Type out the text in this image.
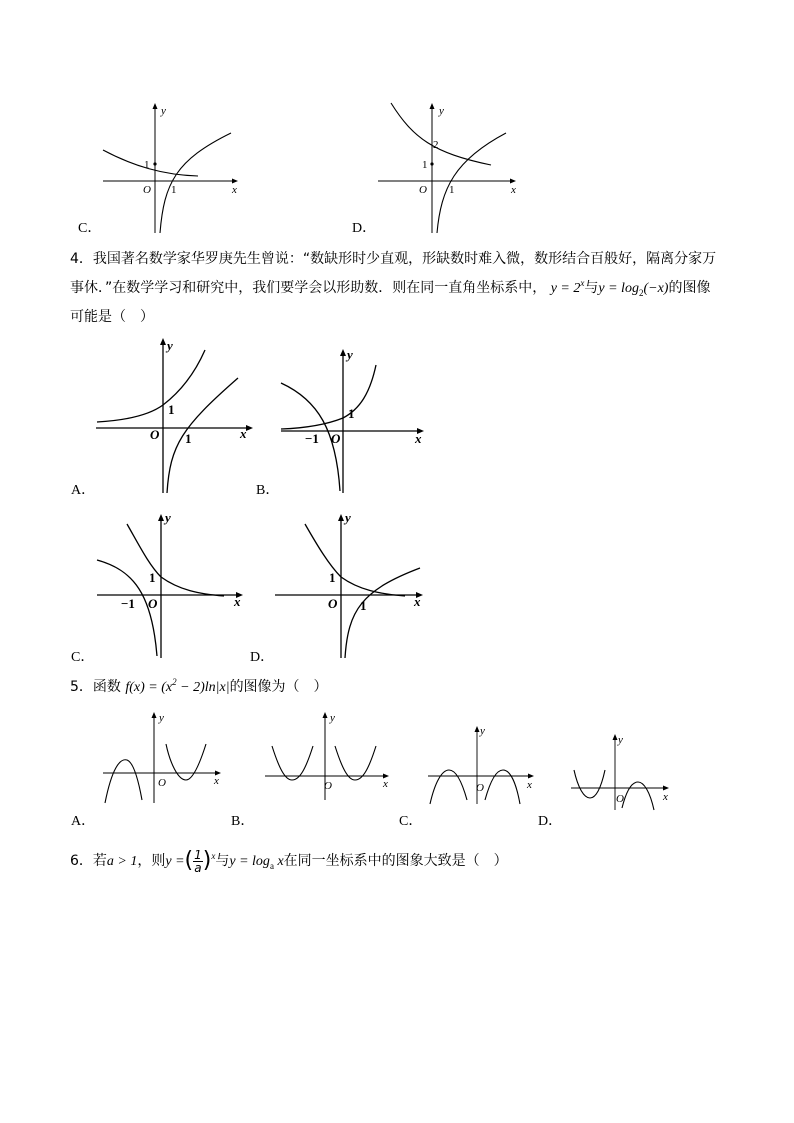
y
x
O
1
1
C．
y
x
O
2
1
1
D．
4．我国著名数学家华罗庚先生曾说：“数缺形时少直观，形缺数时难入微，数形结合百般好，隔离分家万
事休．”在数学学习和研究中，我们要学会以形助数．则在同一直角坐标系中， $y = 2^x$与$y = \log_2(-x)$的图像
可能是（　）
y
x
O
1
1
A．
y
x
O
1
−1
B．
y
x
O
1
−1
C．
y
x
O
1
1
D．
5．函数 $f(x) = (x^2 - 2)\ln|x|$的图像为（　）
y
x
O
A．
y
x
O
B．
y
x
O
C．
y
x
O
D．
6．若a > 1，则y =( $\frac{1}{a} )^x$与$y = \log_a x$在同一坐标系中的图象大致是（　）
